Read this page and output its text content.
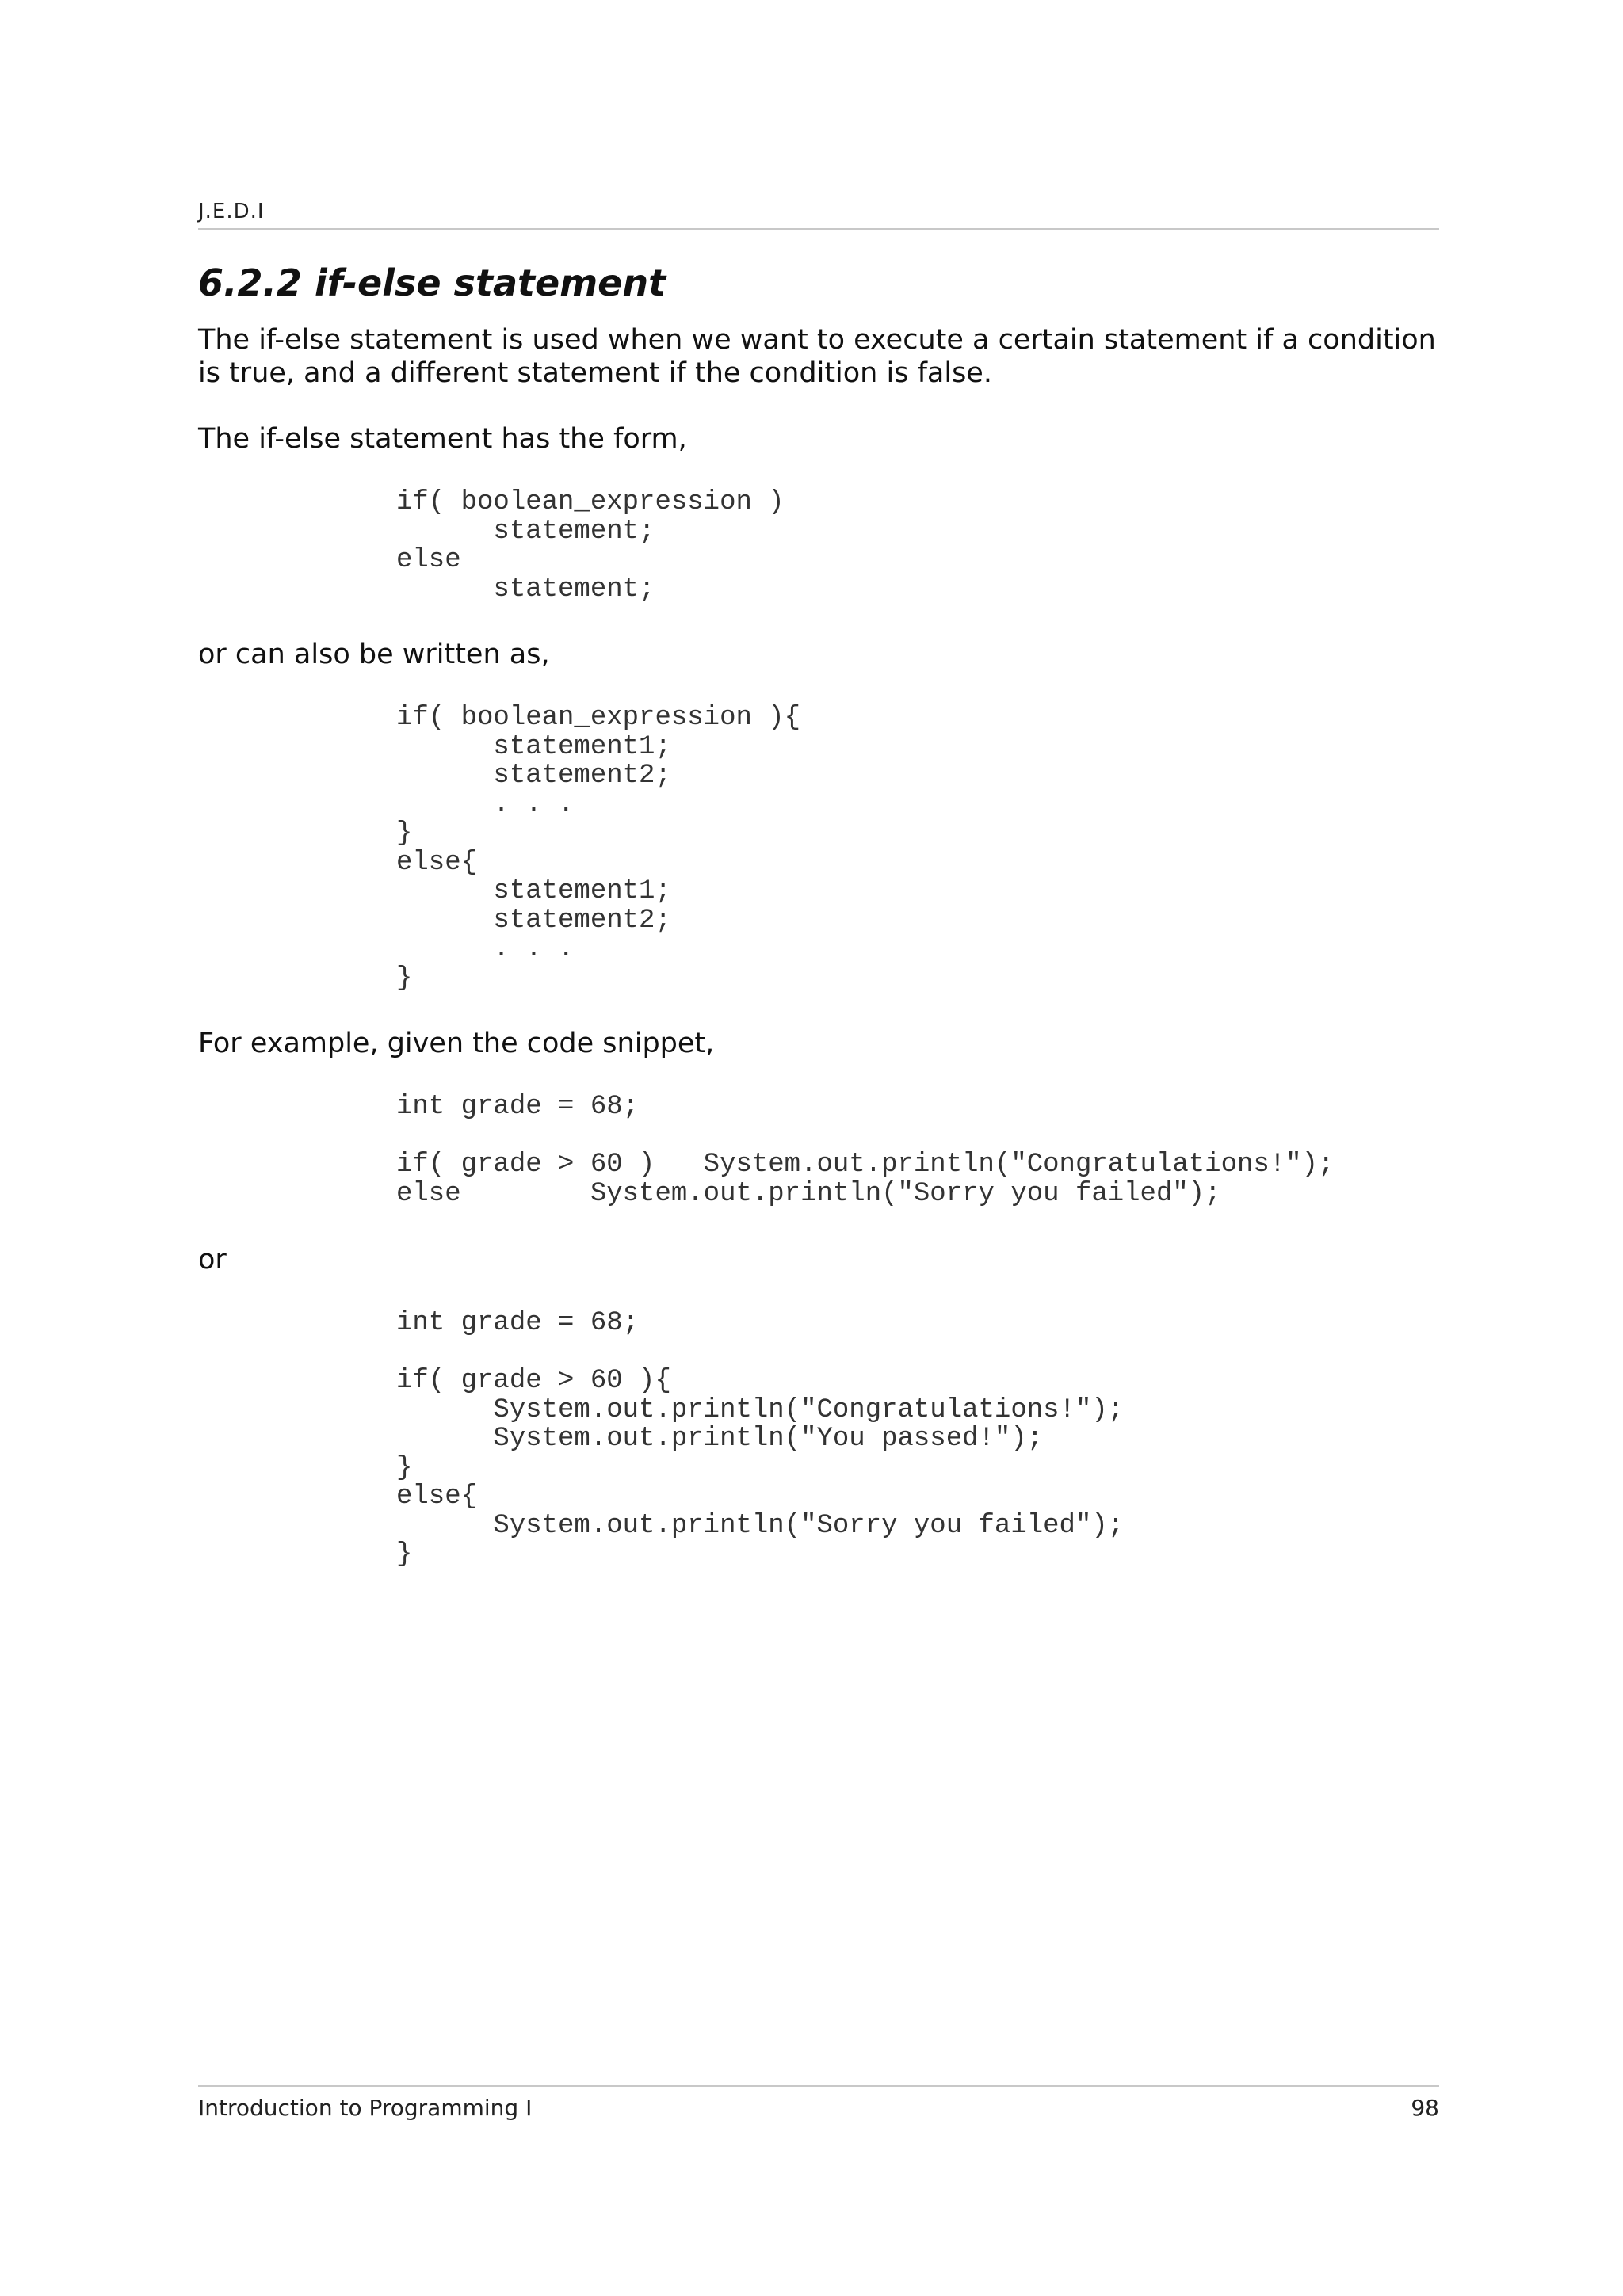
J.E.D.I
6.2.2 if-else statement

The if-else statement is used when we want to execute a certain statement if a condition is true, and a different statement if the condition is false.

The if-else statement has the form,

if( boolean_expression )
statement;
else
statement;

or can also be written as,

if( boolean_expression ){
statement1;
statement2;
. . .
}
else{
statement1;
statement2;
. . .
}

For example, given the code snippet,

int grade = 68;

if( grade > 60 )   System.out.println("Congratulations!");
else        System.out.println("Sorry you failed");

or

int grade = 68;

if( grade > 60 ){
System.out.println("Congratulations!");
System.out.println("You passed!");
}
else{
System.out.println("Sorry you failed");
}
Introduction to Programming I	98
